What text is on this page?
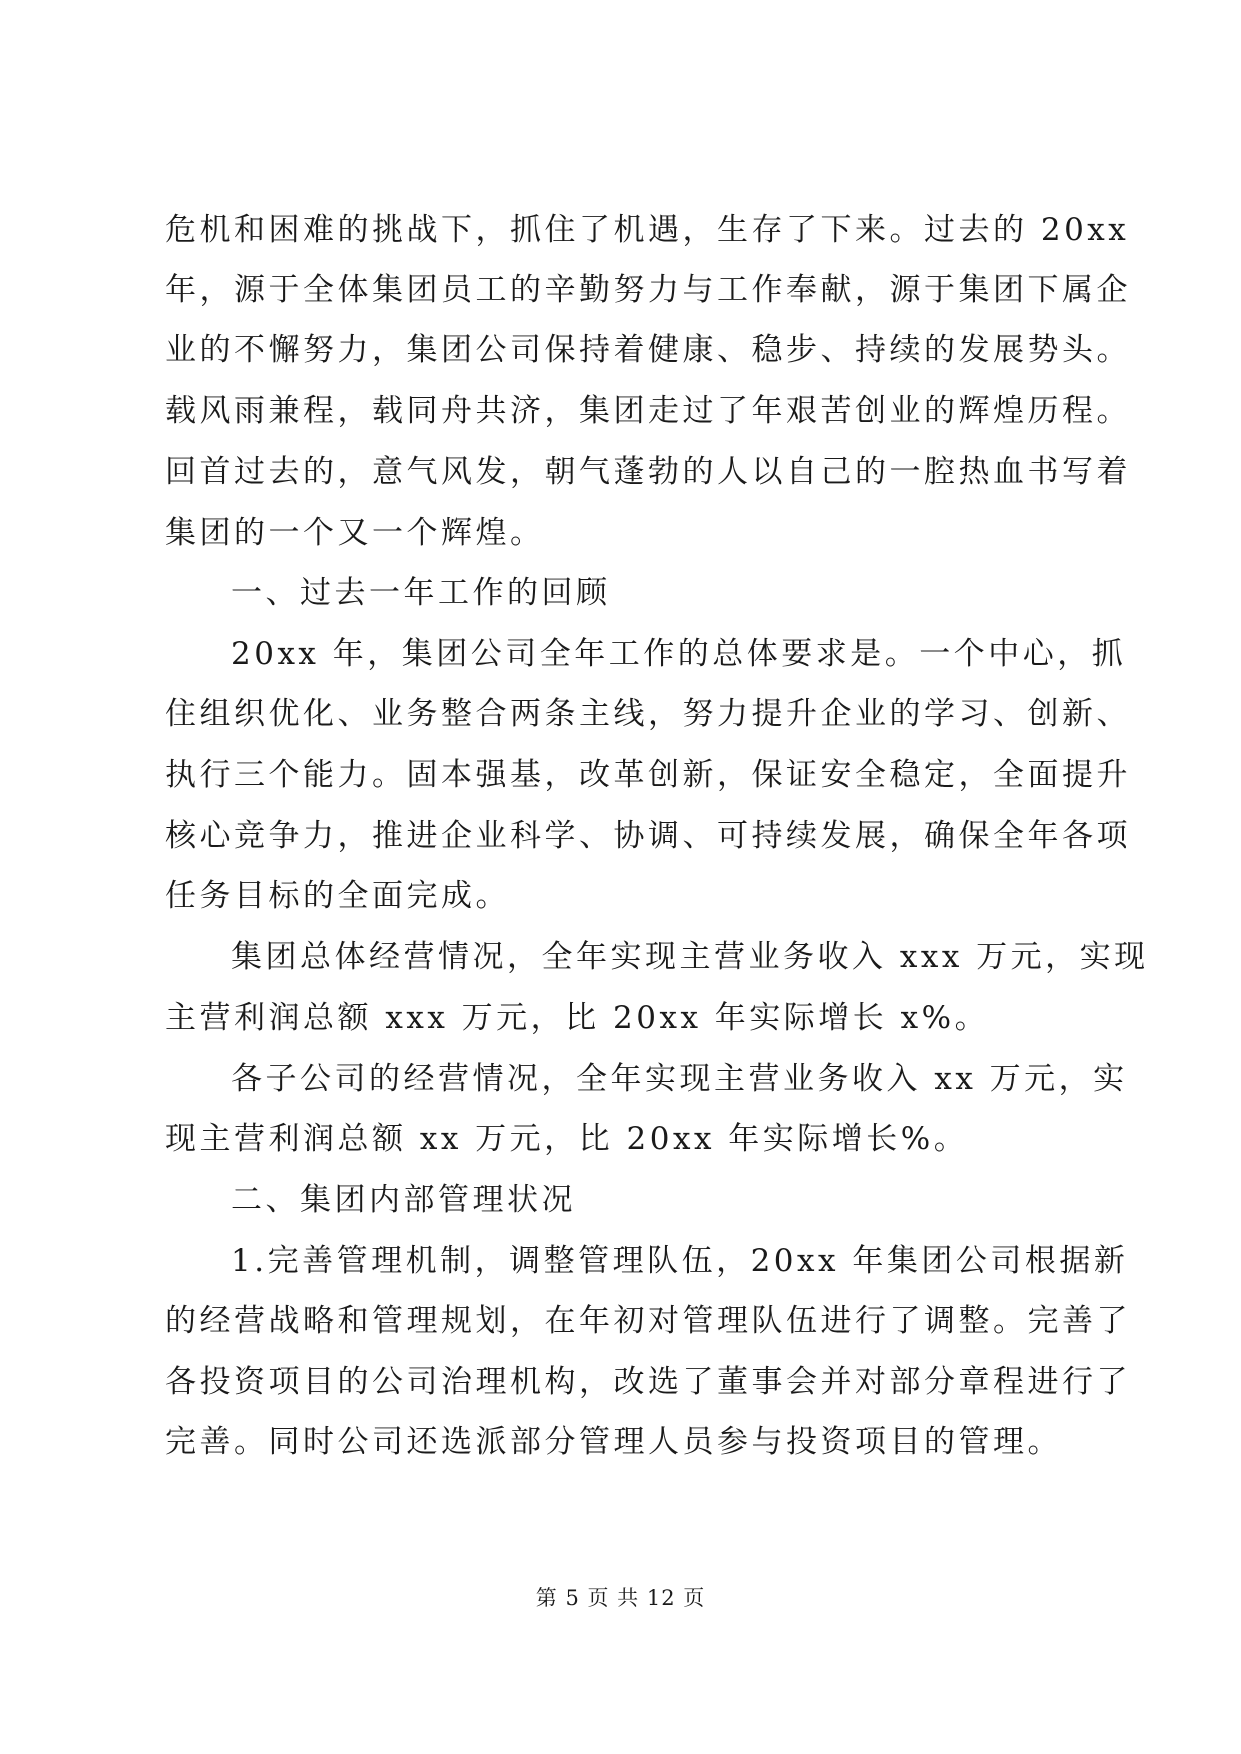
危机和困难的挑战下，抓住了机遇，生存了下来。过去的 20xx
年，源于全体集团员工的辛勤努力与工作奉献，源于集团下属企
业的不懈努力，集团公司保持着健康、稳步、持续的发展势头。
载风雨兼程，载同舟共济，集团走过了年艰苦创业的辉煌历程。
回首过去的，意气风发，朝气蓬勃的人以自己的一腔热血书写着
集团的一个又一个辉煌。
一、过去一年工作的回顾
20xx 年，集团公司全年工作的总体要求是。一个中心，抓
住组织优化、业务整合两条主线，努力提升企业的学习、创新、
执行三个能力。固本强基，改革创新，保证安全稳定，全面提升
核心竞争力，推进企业科学、协调、可持续发展，确保全年各项
任务目标的全面完成。
集团总体经营情况，全年实现主营业务收入 xxx 万元，实现
主营利润总额 xxx 万元，比 20xx 年实际增长 x%。
各子公司的经营情况，全年实现主营业务收入 xx 万元，实
现主营利润总额 xx 万元，比 20xx 年实际增长%。
二、集团内部管理状况
1.完善管理机制，调整管理队伍，20xx 年集团公司根据新
的经营战略和管理规划，在年初对管理队伍进行了调整。完善了
各投资项目的公司治理机构，改选了董事会并对部分章程进行了
完善。同时公司还选派部分管理人员参与投资项目的管理。
第 5 页 共 12 页
